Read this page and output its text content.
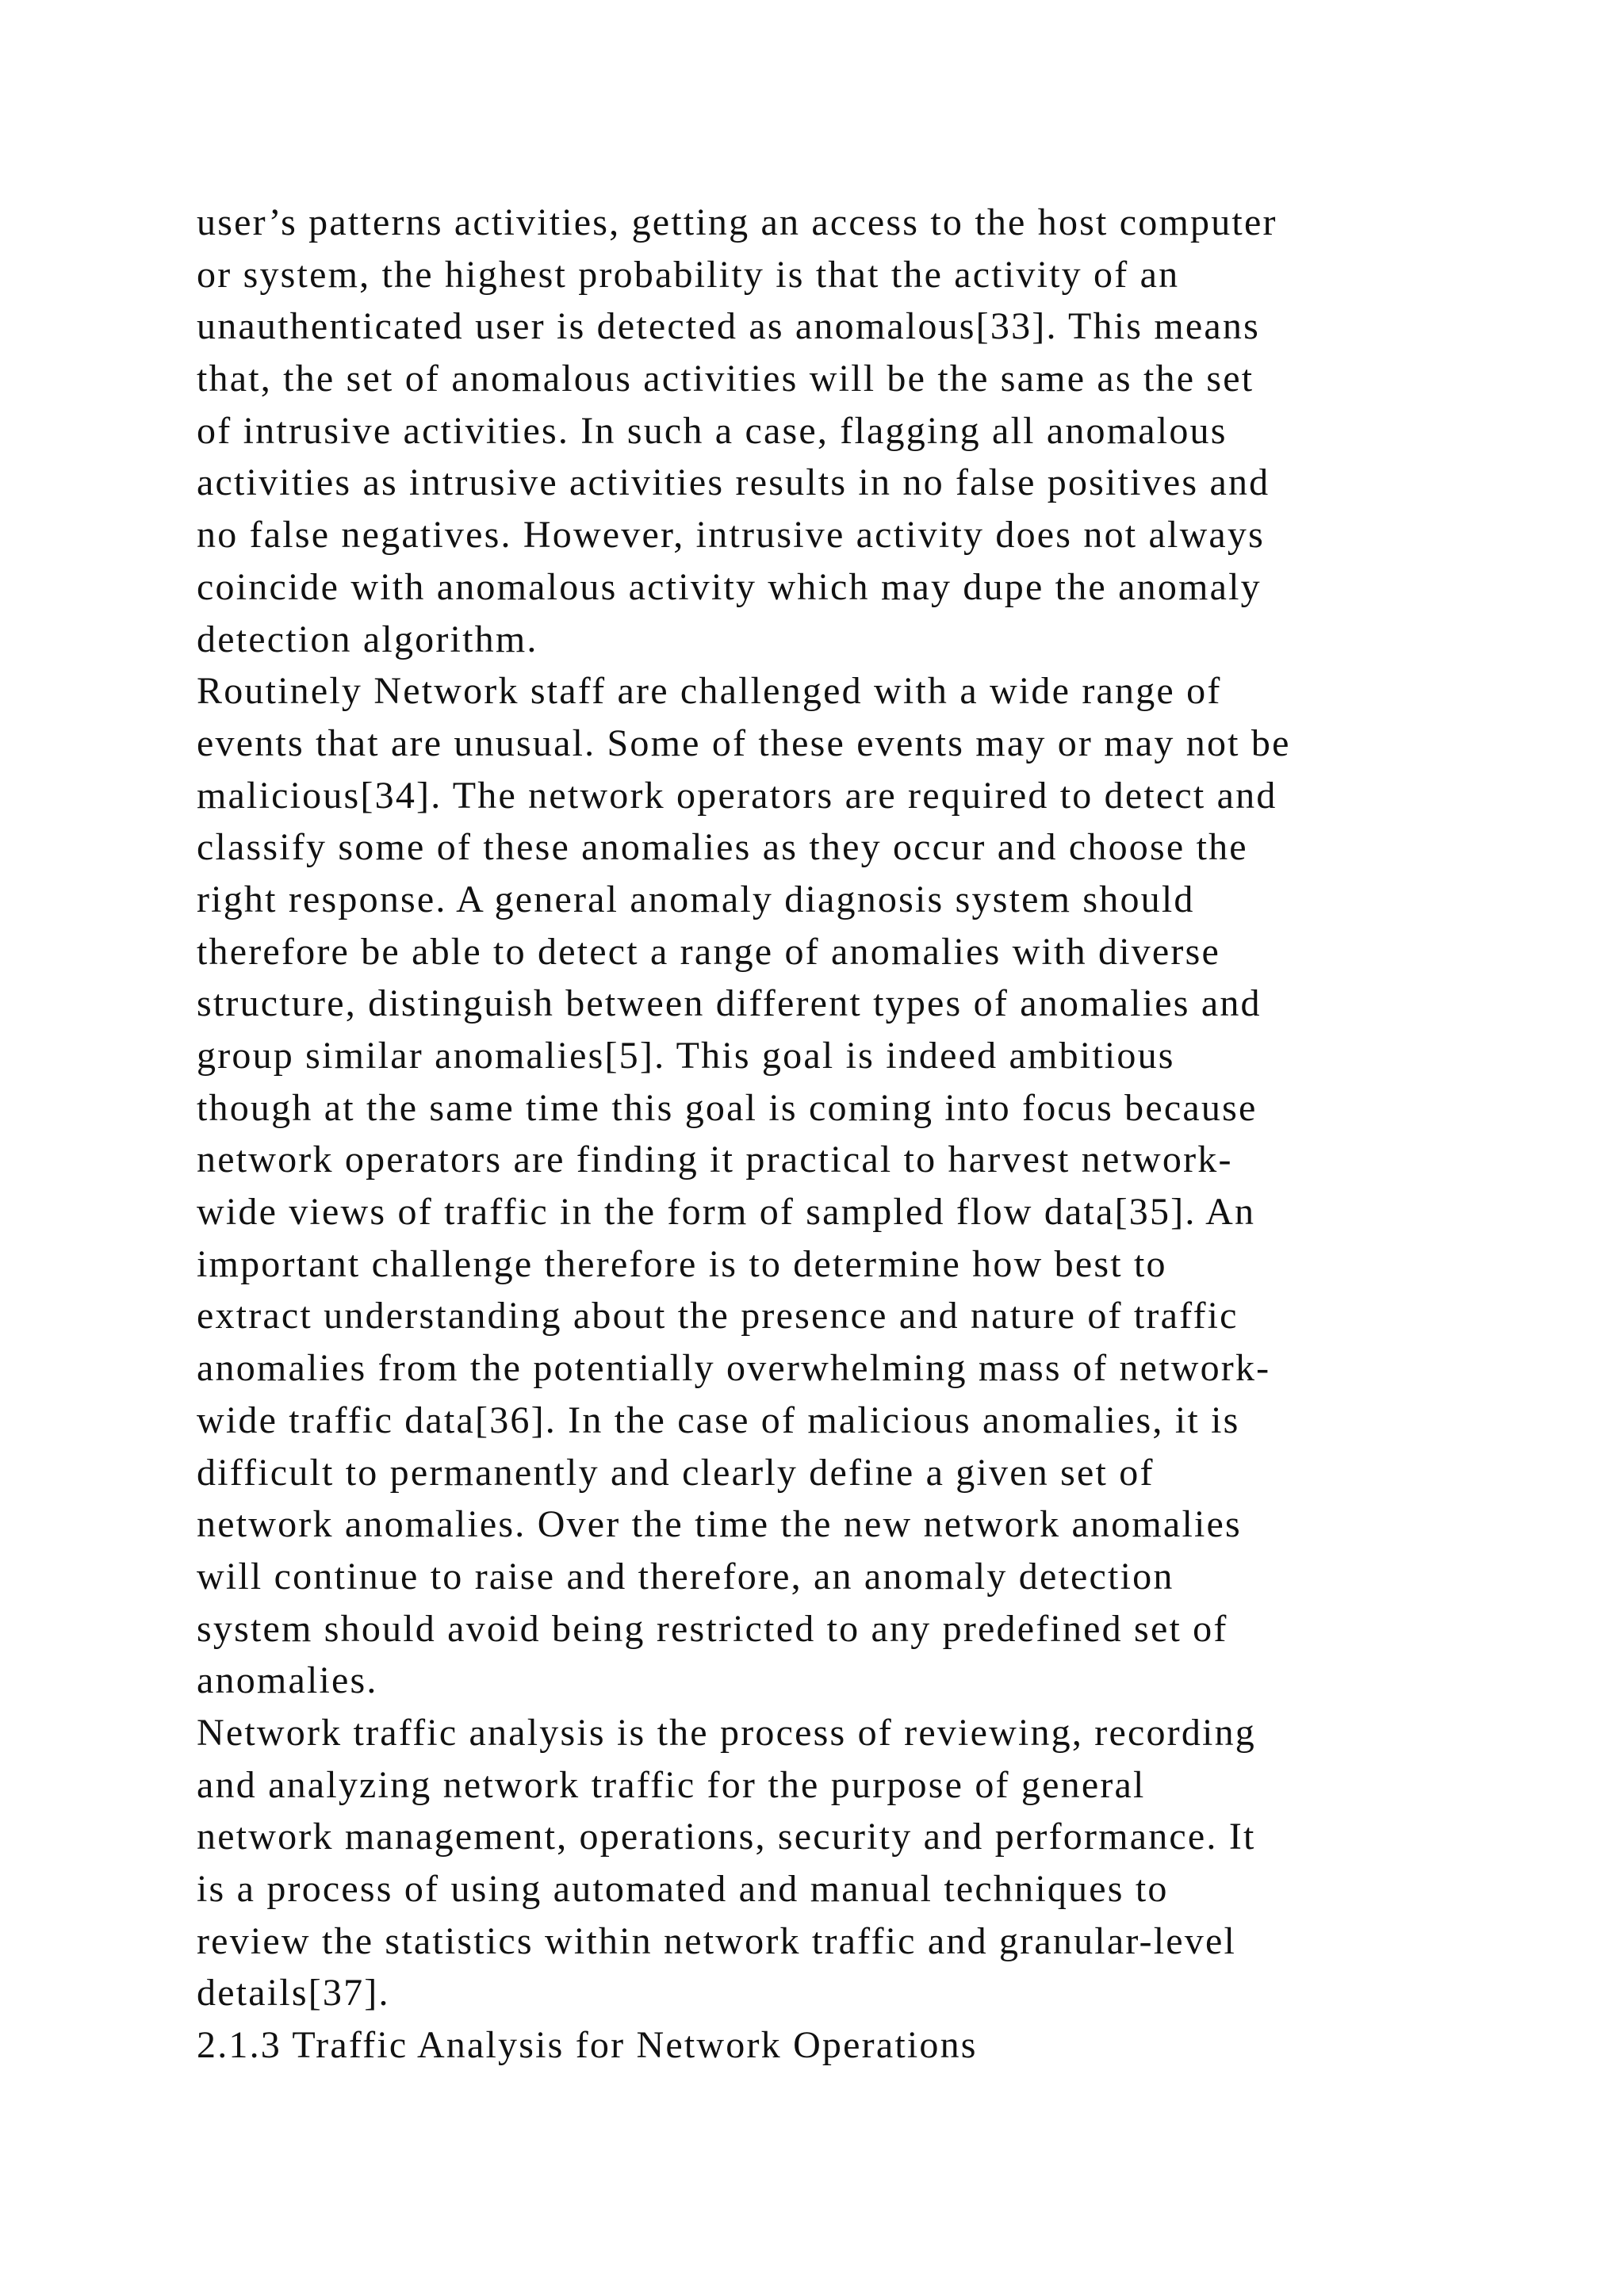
user’s patterns activities, getting an access to the host computer
or system, the highest probability is that the activity of an
unauthenticated user is detected as anomalous[33]. This means
that, the set of anomalous activities will be the same as the set
of intrusive activities. In such a case, flagging all anomalous
activities as intrusive activities results in no false positives and
no false negatives. However, intrusive activity does not always
coincide with anomalous activity which may dupe the anomaly
detection algorithm.
Routinely Network staff are challenged with a wide range of
events that are unusual. Some of these events may or may not be
malicious[34]. The network operators are required to detect and
classify some of these anomalies as they occur and choose the
right response. A general anomaly diagnosis system should
therefore be able to detect a range of anomalies with diverse
structure, distinguish between different types of anomalies and
group similar anomalies[5]. This goal is indeed ambitious
though at the same time this goal is coming into focus because
network operators are finding it practical to harvest network-
wide views of traffic in the form of sampled flow data[35]. An
important challenge therefore is to determine how best to
extract understanding about the presence and nature of traffic
anomalies from the potentially overwhelming mass of network-
wide traffic data[36]. In the case of malicious anomalies, it is
difficult to permanently and clearly define a given set of
network anomalies. Over the time the new network anomalies
will continue to raise and therefore, an anomaly detection
system should avoid being restricted to any predefined set of
anomalies.
Network traffic analysis is the process of reviewing, recording
and analyzing network traffic for the purpose of general
network management, operations, security and performance. It
is a process of using automated and manual techniques to
review the statistics within network traffic and granular-level
details[37].
2.1.3 Traffic Analysis for Network Operations
